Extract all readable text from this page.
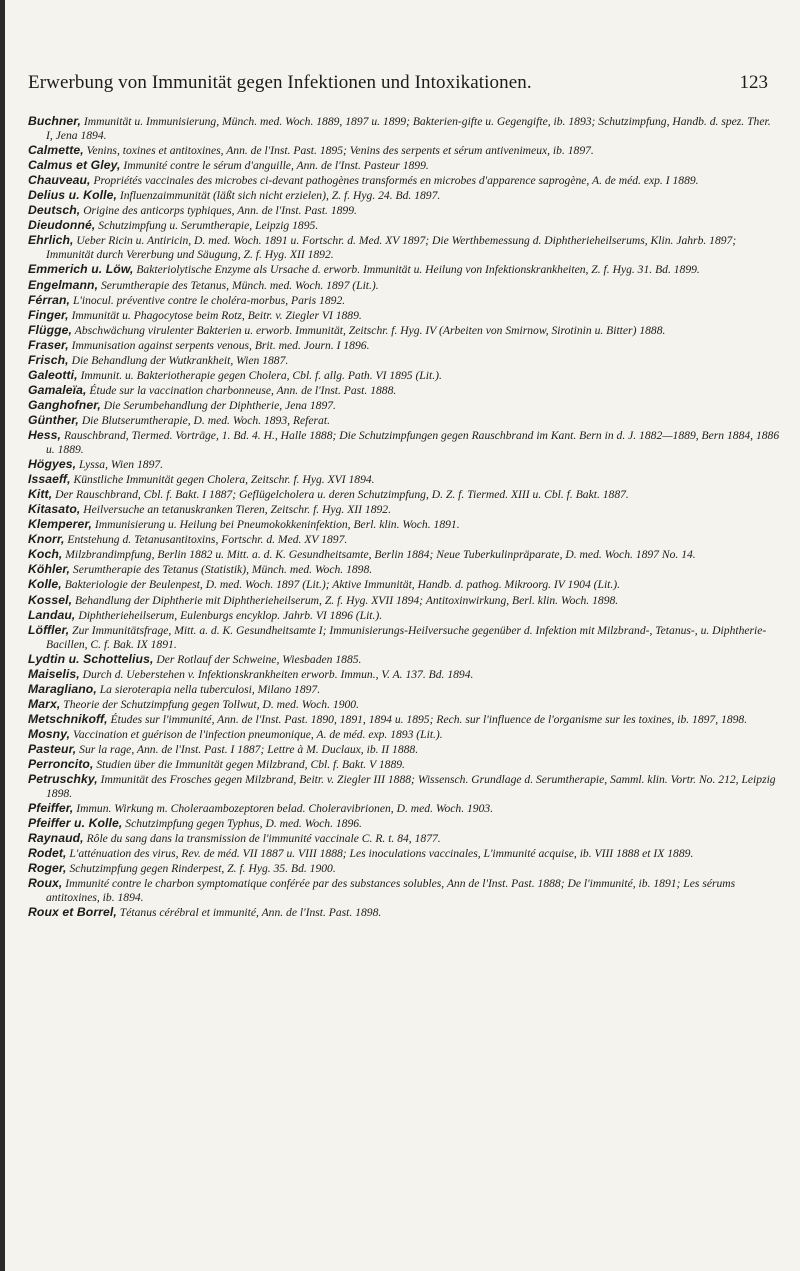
Erwerbung von Immunität gegen Infektionen und Intoxikationen.	123

Buchner, Immunität u. Immunisierung, Münch. med. Woch. 1889, 1897 u. 1899; Bakterien-gifte u. Gegengifte, ib. 1893; Schutzimpfung, Handb. d. spez. Ther. I, Jena 1894.

Calmette, Venins, toxines et antitoxines, Ann. de l'Inst. Past. 1895; Venins des serpents et sérum antivenimeux, ib. 1897.

Calmus et Gley, Immunité contre le sérum d'anguille, Ann. de l'Inst. Pasteur 1899.

Chauveau, Propriétés vaccinales des microbes ci-devant pathogènes transformés en microbes d'apparence saprogène, A. de méd. exp. I 1889.

Delius u. Kolle, Influenzaimmunität (läßt sich nicht erzielen), Z. f. Hyg. 24. Bd. 1897.

Deutsch, Origine des anticorps typhiques, Ann. de l'Inst. Past. 1899.

Dieudonné, Schutzimpfung u. Serumtherapie, Leipzig 1895.

Ehrlich, Ueber Ricin u. Antiricin, D. med. Woch. 1891 u. Fortschr. d. Med. XV 1897; Die Werthbemessung d. Diphtherieheilserums, Klin. Jahrb. 1897; Immunität durch Vererbung und Säugung, Z. f. Hyg. XII 1892.

Emmerich u. Löw, Bakteriolytische Enzyme als Ursache d. erworb. Immunität u. Heilung von Infektionskrankheiten, Z. f. Hyg. 31. Bd. 1899.

Engelmann, Serumtherapie des Tetanus, Münch. med. Woch. 1897 (Lit.).

Férran, L'inocul. préventive contre le choléra-morbus, Paris 1892.

Finger, Immunität u. Phagocytose beim Rotz, Beitr. v. Ziegler VI 1889.

Flügge, Abschwächung virulenter Bakterien u. erworb. Immunität, Zeitschr. f. Hyg. IV (Arbeiten von Smirnow, Sirotinin u. Bitter) 1888.

Fraser, Immunisation against serpents venous, Brit. med. Journ. I 1896.

Frisch, Die Behandlung der Wutkrankheit, Wien 1887.

Galeotti, Immunit. u. Bakteriotherapie gegen Cholera, Cbl. f. allg. Path. VI 1895 (Lit.).

Gamaleïa, Étude sur la vaccination charbonneuse, Ann. de l'Inst. Past. 1888.

Ganghofner, Die Serumbehandlung der Diphtherie, Jena 1897.

Günther, Die Blutserumtherapie, D. med. Woch. 1893, Referat.

Hess, Rauschbrand, Tiermed. Vorträge, 1. Bd. 4. H., Halle 1888; Die Schutzimpfungen gegen Rauschbrand im Kant. Bern in d. J. 1882—1889, Bern 1884, 1886 u. 1889.

Högyes, Lyssa, Wien 1897.

Issaeff, Künstliche Immunität gegen Cholera, Zeitschr. f. Hyg. XVI 1894.

Kitt, Der Rauschbrand, Cbl. f. Bakt. I 1887; Geflügelcholera u. deren Schutzimpfung, D. Z. f. Tiermed. XIII u. Cbl. f. Bakt. 1887.

Kitasato, Heilversuche an tetanuskranken Tieren, Zeitschr. f. Hyg. XII 1892.

Klemperer, Immunisierung u. Heilung bei Pneumokokkeninfektion, Berl. klin. Woch. 1891.

Knorr, Entstehung d. Tetanusantitoxins, Fortschr. d. Med. XV 1897.

Koch, Milzbrandimpfung, Berlin 1882 u. Mitt. a. d. K. Gesundheitsamte, Berlin 1884; Neue Tuberkulinpräparate, D. med. Woch. 1897 No. 14.

Köhler, Serumtherapie des Tetanus (Statistik), Münch. med. Woch. 1898.

Kolle, Bakteriologie der Beulenpest, D. med. Woch. 1897 (Lit.); Aktive Immunität, Handb. d. pathog. Mikroorg. IV 1904 (Lit.).

Kossel, Behandlung der Diphtherie mit Diphtherieheilserum, Z. f. Hyg. XVII 1894; Antitoxinwirkung, Berl. klin. Woch. 1898.

Landau, Diphtherieheilserum, Eulenburgs encyklop. Jahrb. VI 1896 (Lit.).

Löffler, Zur Immunitätsfrage, Mitt. a. d. K. Gesundheitsamte I; Immunisierungs-Heilversuche gegenüber d. Infektion mit Milzbrand-, Tetanus-, u. Diphtherie-Bacillen, C. f. Bak. IX 1891.

Lydtin u. Schottelius, Der Rotlauf der Schweine, Wiesbaden 1885.

Maiselis, Durch d. Ueberstehen v. Infektionskrankheiten erworb. Immun., V. A. 137. Bd. 1894.

Maragliano, La sieroterapia nella tuberculosi, Milano 1897.

Marx, Theorie der Schutzimpfung gegen Tollwut, D. med. Woch. 1900.

Metschnikoff, Études sur l'immunité, Ann. de l'Inst. Past. 1890, 1891, 1894 u. 1895; Rech. sur l'influence de l'organisme sur les toxines, ib. 1897, 1898.

Mosny, Vaccination et guérison de l'infection pneumonique, A. de méd. exp. 1893 (Lit.).

Pasteur, Sur la rage, Ann. de l'Inst. Past. I 1887; Lettre à M. Duclaux, ib. II 1888.

Perroncito, Studien über die Immunität gegen Milzbrand, Cbl. f. Bakt. V 1889.

Petruschky, Immunität des Frosches gegen Milzbrand, Beitr. v. Ziegler III 1888; Wissensch. Grundlage d. Serumtherapie, Samml. klin. Vortr. No. 212, Leipzig 1898.

Pfeiffer, Immun. Wirkung m. Choleraambozeptoren belad. Choleravibrionen, D. med. Woch. 1903.

Pfeiffer u. Kolle, Schutzimpfung gegen Typhus, D. med. Woch. 1896.

Raynaud, Rôle du sang dans la transmission de l'immunité vaccinale C. R. t. 84, 1877.

Rodet, L'atténuation des virus, Rev. de méd. VII 1887 u. VIII 1888; Les inoculations vaccinales, L'immunité acquise, ib. VIII 1888 et IX 1889.

Roger, Schutzimpfung gegen Rinderpest, Z. f. Hyg. 35. Bd. 1900.

Roux, Immunité contre le charbon symptomatique conférée par des substances solubles, Ann de l'Inst. Past. 1888; De l'immunité, ib. 1891; Les sérums antitoxines, ib. 1894.

Roux et Borrel, Tétanus cérébral et immunité, Ann. de l'Inst. Past. 1898.
